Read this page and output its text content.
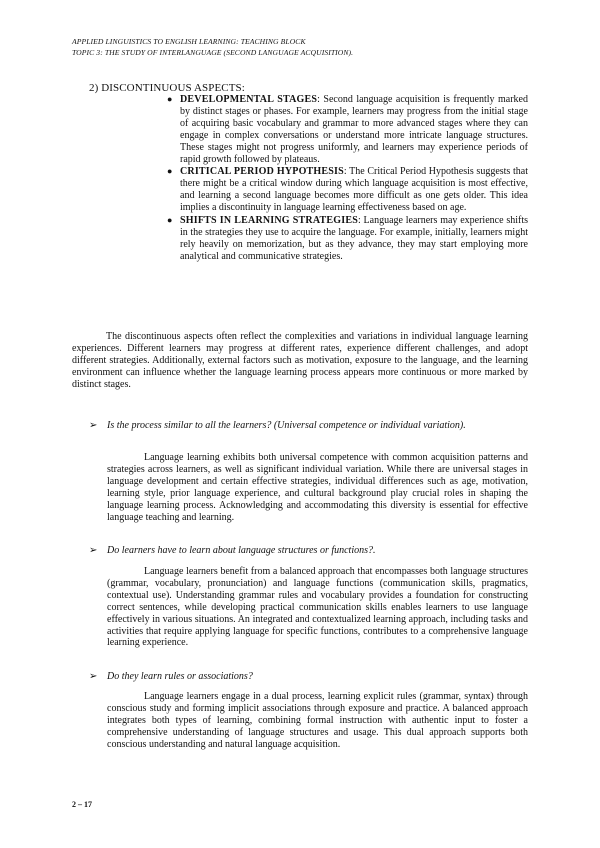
APPLIED LINGUISTICS TO ENGLISH LEARNING: TEACHING BLOCK
TOPIC 3: THE STUDY OF INTERLANGUAGE (SECOND LANGUAGE ACQUISITION).
2) DISCONTINUOUS ASPECTS:
● DEVELOPMENTAL STAGES: Second language acquisition is frequently marked by distinct stages or phases. For example, learners may progress from the initial stage of acquiring basic vocabulary and grammar to more advanced stages where they can engage in complex conversations or understand more intricate language structures. These stages might not progress uniformly, and learners may experience periods of rapid growth followed by plateaus.
● CRITICAL PERIOD HYPOTHESIS: The Critical Period Hypothesis suggests that there might be a critical window during which language acquisition is most effective, and learning a second language becomes more difficult as one gets older. This idea implies a discontinuity in language learning effectiveness based on age.
● SHIFTS IN LEARNING STRATEGIES: Language learners may experience shifts in the strategies they use to acquire the language. For example, initially, learners might rely heavily on memorization, but as they advance, they may start employing more analytical and communicative strategies.

The discontinuous aspects often reflect the complexities and variations in individual language learning experiences. Different learners may progress at different rates, experience different challenges, and adopt different strategies. Additionally, external factors such as motivation, exposure to the language, and the learning environment can influence whether the language learning process appears more continuous or more marked by distinct stages.

➢ Is the process similar to all the learners? (Universal competence or individual variation).

Language learning exhibits both universal competence with common acquisition patterns and strategies across learners, as well as significant individual variation. While there are universal stages in language development and certain effective strategies, individual differences such as age, motivation, learning style, prior language experience, and cultural background play crucial roles in shaping the language learning process. Acknowledging and accommodating this diversity is essential for effective language teaching and learning.

➢ Do learners have to learn about language structures or functions?.

Language learners benefit from a balanced approach that encompasses both language structures (grammar, vocabulary, pronunciation) and language functions (communication skills, pragmatics, contextual use). Understanding grammar rules and vocabulary provides a foundation for constructing correct sentences, while developing practical communication skills enables learners to use language effectively in various situations. An integrated and contextualized learning approach, including tasks and activities that require applying language for specific functions, contributes to a comprehensive language learning experience.

➢ Do they learn rules or associations?

Language learners engage in a dual process, learning explicit rules (grammar, syntax) through conscious study and forming implicit associations through exposure and practice. A balanced approach integrates both types of learning, combining formal instruction with authentic input to foster a comprehensive understanding of language structures and usage. This dual approach supports both conscious understanding and natural language acquisition.

2 – 17
